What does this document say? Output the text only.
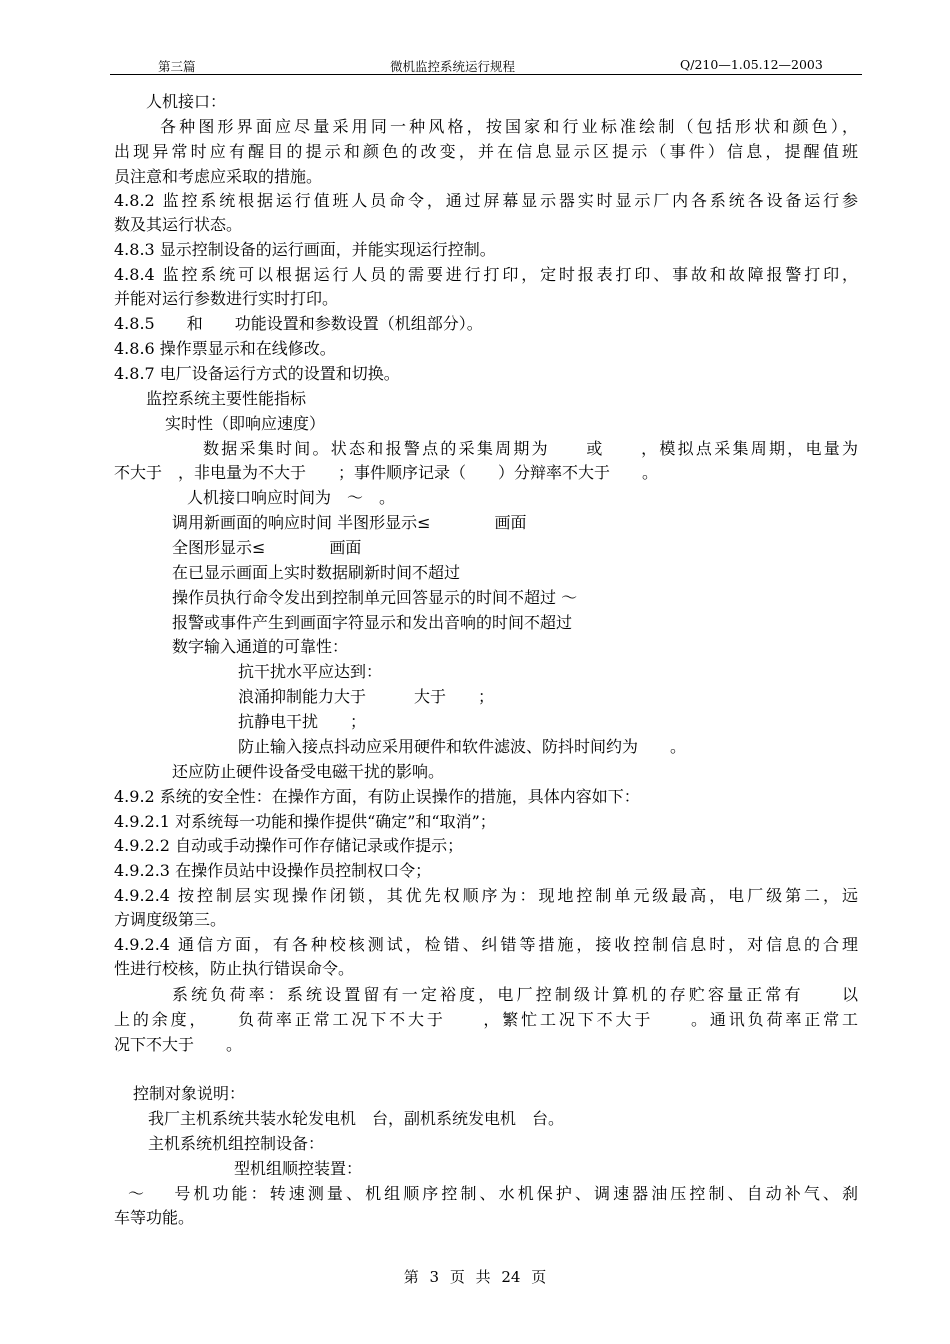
第三篇	微机监控系统运行规程	Q/210—1.05.12—2003
人机接口：
各种图形界面应尽量采用同一种风格，按国家和行业标准绘制（包括形状和颜色），
出现异常时应有醒目的提示和颜色的改变，并在信息显示区提示（事件）信息，提醒值班
员注意和考虑应采取的措施。
4.8.2 监控系统根据运行值班人员命令，通过屏幕显示器实时显示厂内各系统各设备运行参
数及其运行状态。
4.8.3 显示控制设备的运行画面，并能实现运行控制。
4.8.4 监控系统可以根据运行人员的需要进行打印，定时报表打印、事故和故障报警打印，
并能对运行参数进行实时打印。
4.8.5　　和　　功能设置和参数设置（机组部分）。
4.8.6 操作票显示和在线修改。
4.8.7 电厂设备运行方式的设置和切换。
监控系统主要性能指标
实时性（即响应速度）
数据采集时间。状态和报警点的采集周期为　　或　　，模拟点采集周期，电量为
不大于　，非电量为不大于　　；事件顺序记录（　　）分辩率不大于　　。
人机接口响应时间为　～　。
调用新画面的响应时间 半图形显示≤　　　　画面
全图形显示≤　　　　画面
在已显示画面上实时数据刷新时间不超过
操作员执行命令发出到控制单元回答显示的时间不超过 ～
报警或事件产生到画面字符显示和发出音响的时间不超过
数字输入通道的可靠性：
抗干扰水平应达到：
浪涌抑制能力大于　　　大于　　；
抗静电干扰　　；
防止输入接点抖动应采用硬件和软件滤波、防抖时间约为　　。
还应防止硬件设备受电磁干扰的影响。
4.9.2 系统的安全性：在操作方面，有防止误操作的措施，具体内容如下：
4.9.2.1 对系统每一功能和操作提供“确定”和“取消”；
4.9.2.2 自动或手动操作可作存储记录或作提示；
4.9.2.3 在操作员站中设操作员控制权口令；
4.9.2.4 按控制层实现操作闭锁，其优先权顺序为：现地控制单元级最高，电厂级第二，远
方调度级第三。
4.9.2.4 通信方面，有各种校核测试，检错、纠错等措施，接收控制信息时，对信息的合理
性进行校核，防止执行错误命令。
系统负荷率：系统设置留有一定裕度，电厂控制级计算机的存贮容量正常有　　以
上的余度，　　负荷率正常工况下不大于　　，繁忙工况下不大于　　。通讯负荷率正常工
况下不大于　　。
控制对象说明：
我厂主机系统共装水轮发电机　台，副机系统发电机　台。
主机系统机组控制设备：
型机组顺控装置：
～　 号机功能：转速测量、机组顺序控制、水机保护、调速器油压控制、自动补气、刹
车等功能。
第 3 页 共 24 页
